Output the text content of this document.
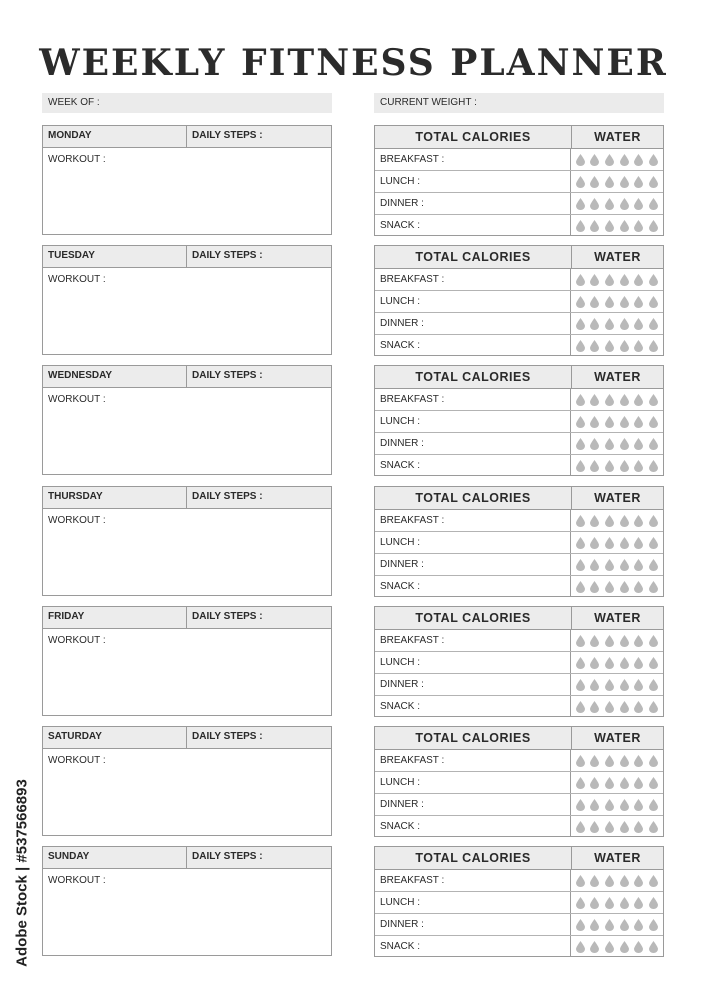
WEEKLY FITNESS PLANNER
WEEK OF :	CURRENT WEIGHT :
MONDAY	DAILY STEPS :
WORKOUT :
TOTAL CALORIES	WATER
BREAKFAST :
LUNCH :
DINNER :
SNACK :
TUESDAY	DAILY STEPS :
WORKOUT :
TOTAL CALORIES	WATER
BREAKFAST :
LUNCH :
DINNER :
SNACK :
WEDNESDAY	DAILY STEPS :
WORKOUT :
TOTAL CALORIES	WATER
BREAKFAST :
LUNCH :
DINNER :
SNACK :
THURSDAY	DAILY STEPS :
WORKOUT :
TOTAL CALORIES	WATER
BREAKFAST :
LUNCH :
DINNER :
SNACK :
FRIDAY	DAILY STEPS :
WORKOUT :
TOTAL CALORIES	WATER
BREAKFAST :
LUNCH :
DINNER :
SNACK :
SATURDAY	DAILY STEPS :
WORKOUT :
TOTAL CALORIES	WATER
BREAKFAST :
LUNCH :
DINNER :
SNACK :
SUNDAY	DAILY STEPS :
WORKOUT :
TOTAL CALORIES	WATER
BREAKFAST :
LUNCH :
DINNER :
SNACK :
Adobe Stock | #537566893
